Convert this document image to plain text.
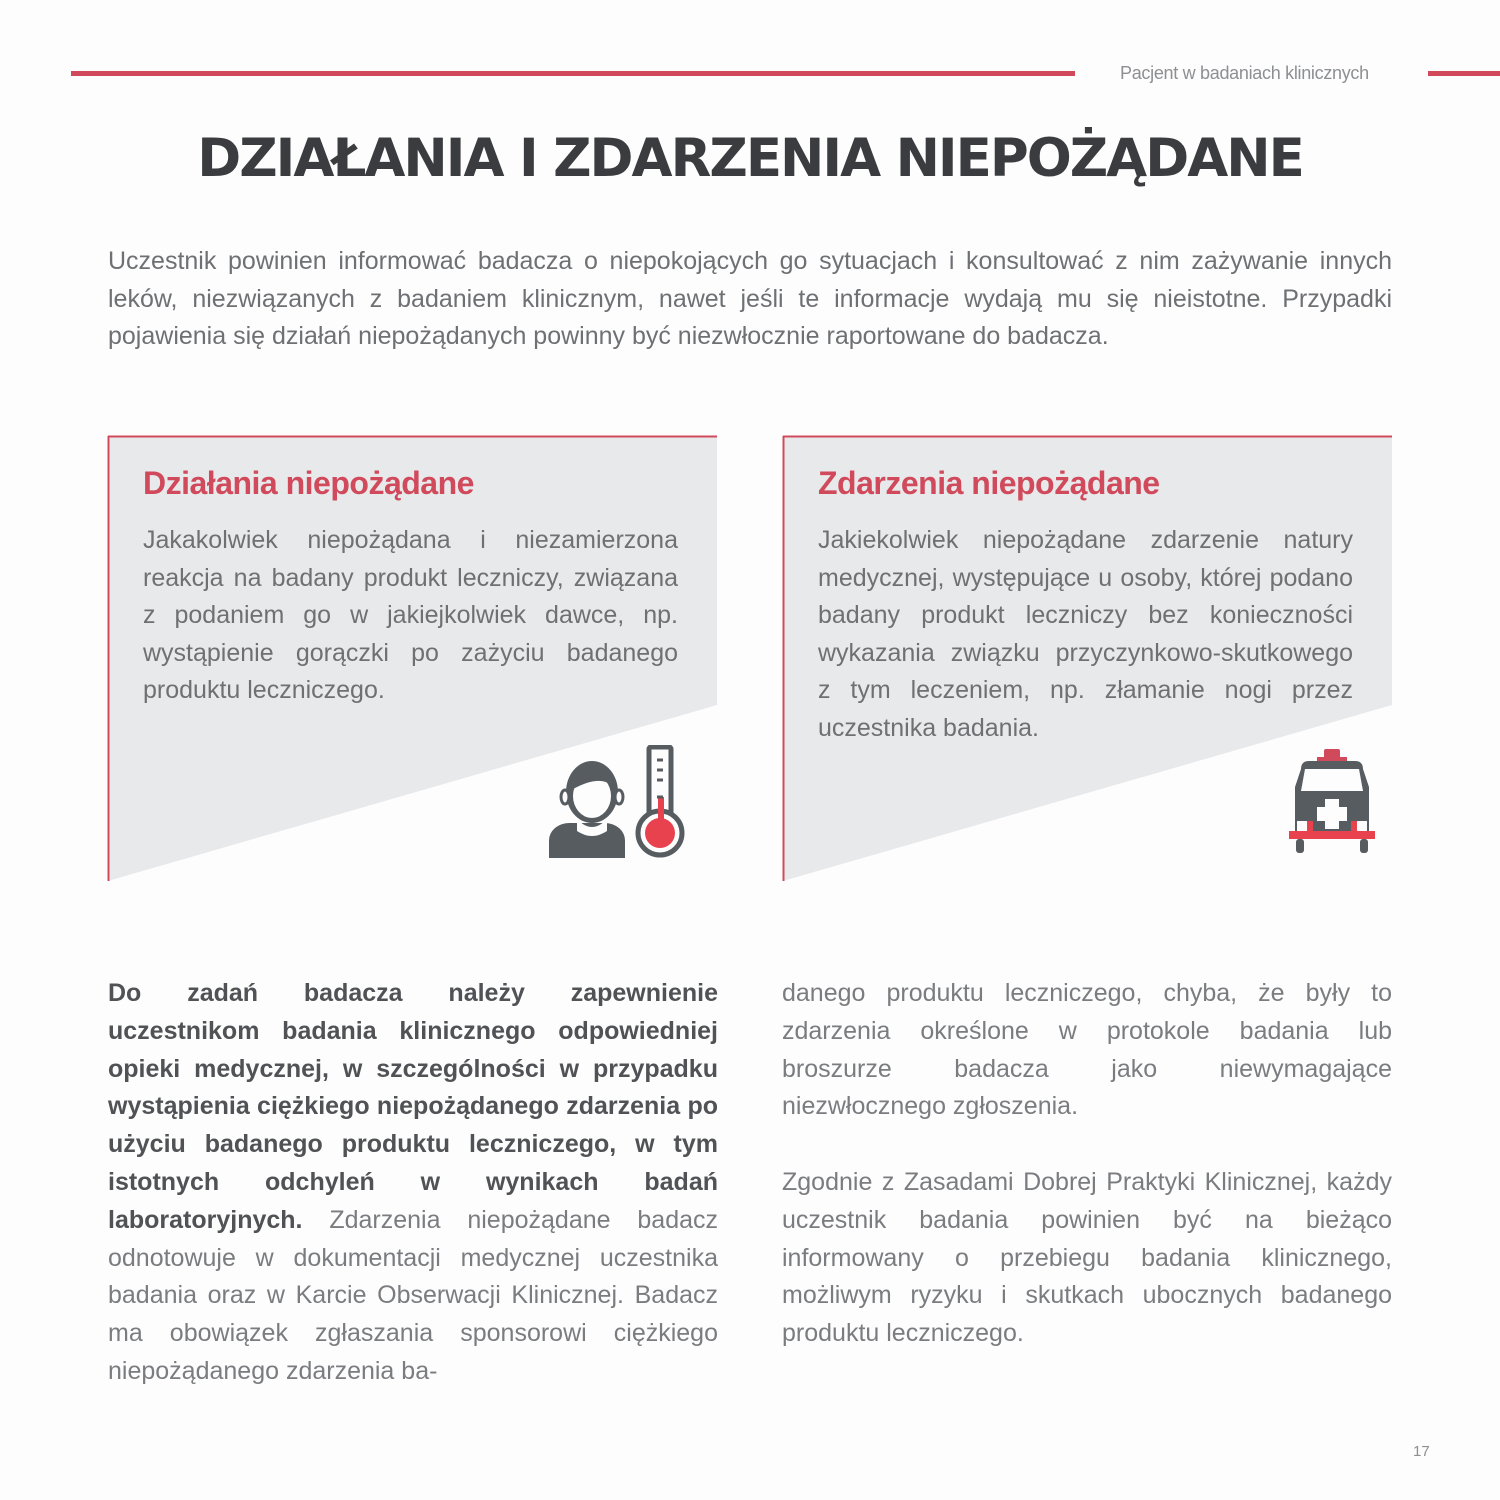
Pacjent w badaniach klinicznych
DZIAŁANIA I ZDARZENIA NIEPOŻĄDANE

Uczestnik powinien informować badacza o niepokojących go sytuacjach i konsultować z nim zażywanie innych leków, niezwiązanych z badaniem klinicznym, nawet jeśli te informacje wydają mu się nieistotne. Przypadki pojawienia się działań niepożądanych powinny być niezwłocznie raportowane do badacza.

Działania niepożądane

Jakakolwiek niepożądana i niezamierzona reakcja na badany produkt leczniczy, związana z podaniem go w jakiejkolwiek dawce, np. wystąpienie gorączki po zażyciu badanego produktu leczniczego.

Zdarzenia niepożądane

Jakiekolwiek niepożądane zdarzenie natury medycznej, występujące u osoby, której podano badany produkt leczniczy bez konieczności wykazania związku przyczynkowo-skutkowego z tym leczeniem, np. złamanie nogi przez uczestnika badania.

Do zadań badacza należy zapewnienie uczestnikom badania klinicznego odpowiedniej opieki medycznej, w szczególności w przypadku wystąpienia ciężkiego niepożądanego zdarzenia po użyciu badanego produktu leczniczego, w tym istotnych odchyleń w wynikach badań laboratoryjnych. Zdarzenia niepożądane badacz odnotowuje w dokumentacji medycznej uczestnika badania oraz w Karcie Obserwacji Klinicznej. Badacz ma obowiązek zgłaszania sponsorowi ciężkiego niepożądanego zdarzenia ba-

danego produktu leczniczego, chyba, że były to zdarzenia określone w protokole badania lub broszurze badacza jako niewymagające niezwłocznego zgłoszenia.

Zgodnie z Zasadami Dobrej Praktyki Klinicznej, każdy uczestnik badania powinien być na bieżąco informowany o przebiegu badania klinicznego, możliwym ryzyku i skutkach ubocznych badanego produktu leczniczego.

17
